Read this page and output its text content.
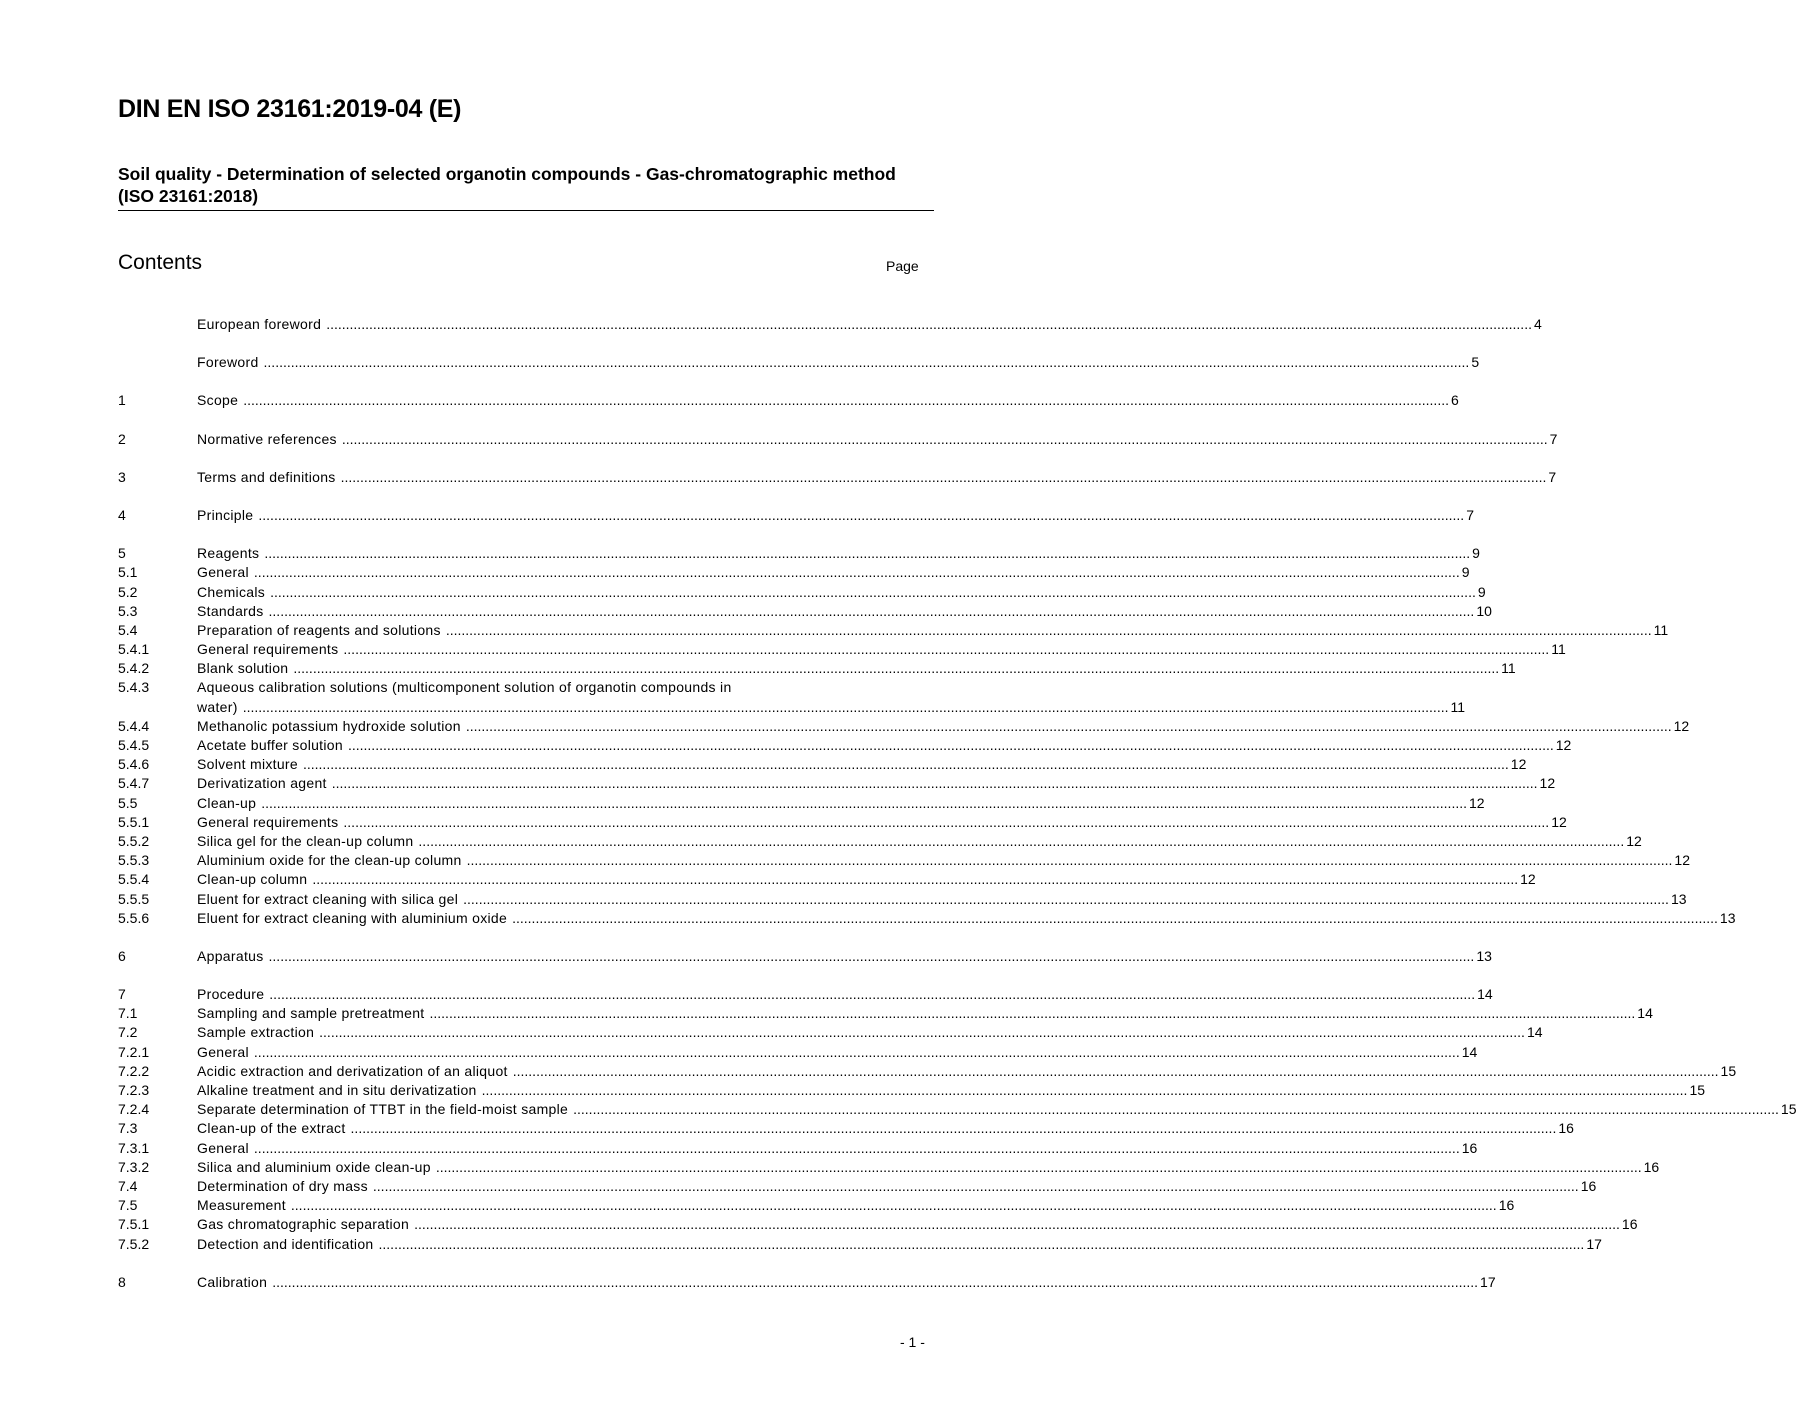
DIN EN ISO 23161:2019-04 (E)
Soil quality - Determination of selected organotin compounds - Gas-chromatographic method (ISO 23161:2018)
Contents	Page
European foreword .....	4
Foreword .....	5
1	Scope .....	6
2	Normative references .....	7
3	Terms and definitions .....	7
4	Principle .....	7
5	Reagents .....	9
5.1	General .....	9
5.2	Chemicals .....	9
5.3	Standards .....	10
5.4	Preparation of reagents and solutions .....	11
5.4.1	General requirements .....	11
5.4.2	Blank solution .....	11
5.4.3	Aqueous calibration solutions (multicomponent solution of organotin compounds in
water) .....	11
5.4.4	Methanolic potassium hydroxide solution .....	12
5.4.5	Acetate buffer solution .....	12
5.4.6	Solvent mixture .....	12
5.4.7	Derivatization agent .....	12
5.5	Clean-up .....	12
5.5.1	General requirements .....	12
5.5.2	Silica gel for the clean-up column .....	12
5.5.3	Aluminium oxide for the clean-up column .....	12
5.5.4	Clean-up column .....	12
5.5.5	Eluent for extract cleaning with silica gel .....	13
5.5.6	Eluent for extract cleaning with aluminium oxide .....	13
6	Apparatus .....	13
7	Procedure .....	14
7.1	Sampling and sample pretreatment .....	14
7.2	Sample extraction .....	14
7.2.1	General .....	14
7.2.2	Acidic extraction and derivatization of an aliquot .....	15
7.2.3	Alkaline treatment and in situ derivatization .....	15
7.2.4	Separate determination of TTBT in the field-moist sample .....	15
7.3	Clean-up of the extract .....	16
7.3.1	General .....	16
7.3.2	Silica and aluminium oxide clean-up .....	16
7.4	Determination of dry mass .....	16
7.5	Measurement .....	16
7.5.1	Gas chromatographic separation .....	16
7.5.2	Detection and identification .....	17
8	Calibration .....	17
- 1 -
